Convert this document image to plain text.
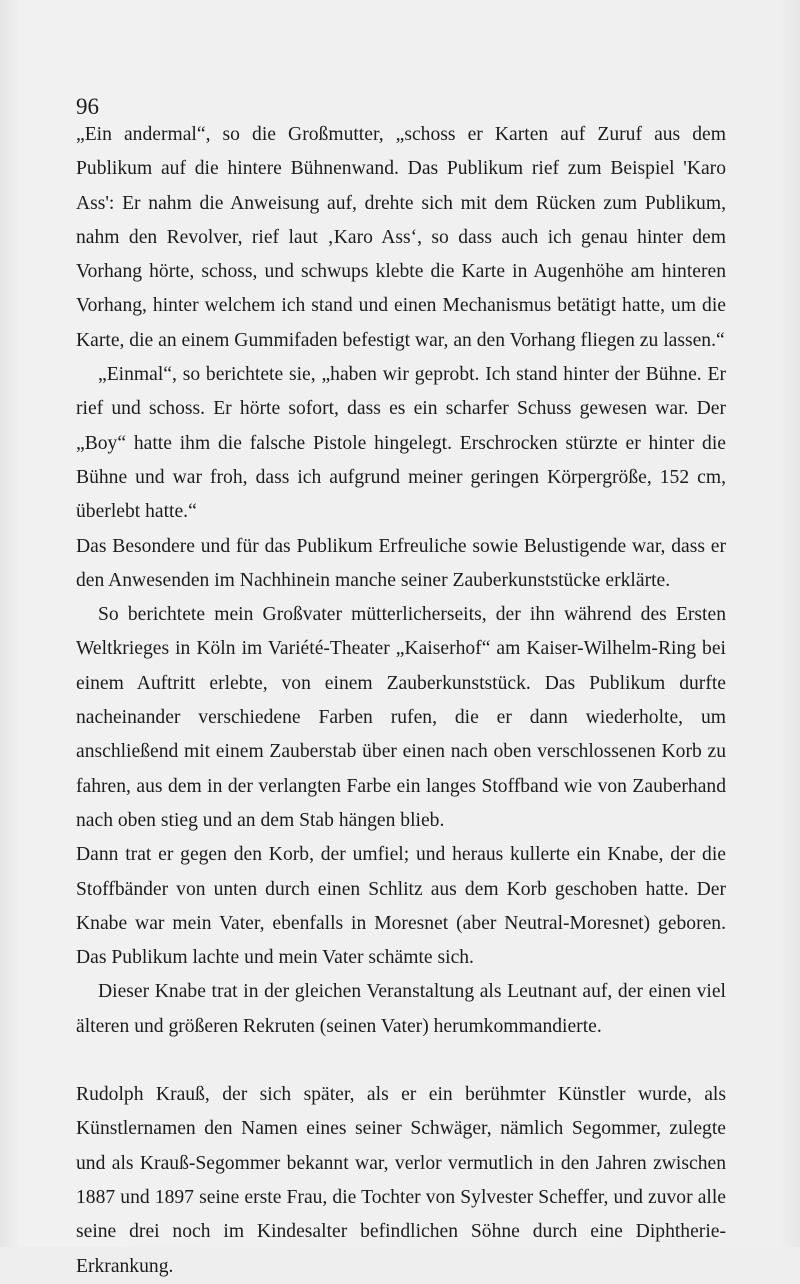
96

„Ein andermal“, so die Großmutter, „schoss er Karten auf Zuruf aus dem Publikum auf die hintere Bühnenwand. Das Publikum rief zum Beispiel 'Karo Ass': Er nahm die Anweisung auf, drehte sich mit dem Rücken zum Publikum, nahm den Revolver, rief laut ‚Karo Ass‘, so dass auch ich genau hinter dem Vorhang hörte, schoss, und schwups klebte die Karte in Augenhöhe am hinteren Vorhang, hinter welchem ich stand und einen Mechanismus betätigt hatte, um die Karte, die an einem Gummifaden befestigt war, an den Vorhang fliegen zu lassen.“

„Einmal“, so berichtete sie, „haben wir geprobt. Ich stand hinter der Bühne. Er rief und schoss. Er hörte sofort, dass es ein scharfer Schuss gewesen war. Der „Boy“ hatte ihm die falsche Pistole hingelegt. Erschrocken stürzte er hinter die Bühne und war froh, dass ich aufgrund meiner geringen Körpergröße, 152 cm, überlebt hatte.“

Das Besondere und für das Publikum Erfreuliche sowie Belustigende war, dass er den Anwesenden im Nachhinein manche seiner Zauberkunststücke erklärte.

So berichtete mein Großvater mütterlicherseits, der ihn während des Ersten Weltkrieges in Köln im Variété-Theater „Kaiserhof“ am Kaiser-Wilhelm-Ring bei einem Auftritt erlebte, von einem Zauberkunststück. Das Publikum durfte nacheinander verschiedene Farben rufen, die er dann wiederholte, um anschließend mit einem Zauberstab über einen nach oben verschlossenen Korb zu fahren, aus dem in der verlangten Farbe ein langes Stoffband wie von Zauberhand nach oben stieg und an dem Stab hängen blieb.

Dann trat er gegen den Korb, der umfiel; und heraus kullerte ein Knabe, der die Stoffbänder von unten durch einen Schlitz aus dem Korb geschoben hatte. Der Knabe war mein Vater, ebenfalls in Moresnet (aber Neutral-Moresnet) geboren. Das Publikum lachte und mein Vater schämte sich.

Dieser Knabe trat in der gleichen Veranstaltung als Leutnant auf, der einen viel älteren und größeren Rekruten (seinen Vater) herumkommandierte.

Rudolph Krauß, der sich später, als er ein berühmter Künstler wurde, als Künstlernamen den Namen eines seiner Schwäger, nämlich Segommer, zulegte und als Krauß-Segommer bekannt war, verlor vermutlich in den Jahren zwischen 1887 und 1897 seine erste Frau, die Tochter von Sylvester Scheffer, und zuvor alle seine drei noch im Kindesalter befindlichen Söhne durch eine Diphtherie-Erkrankung.
